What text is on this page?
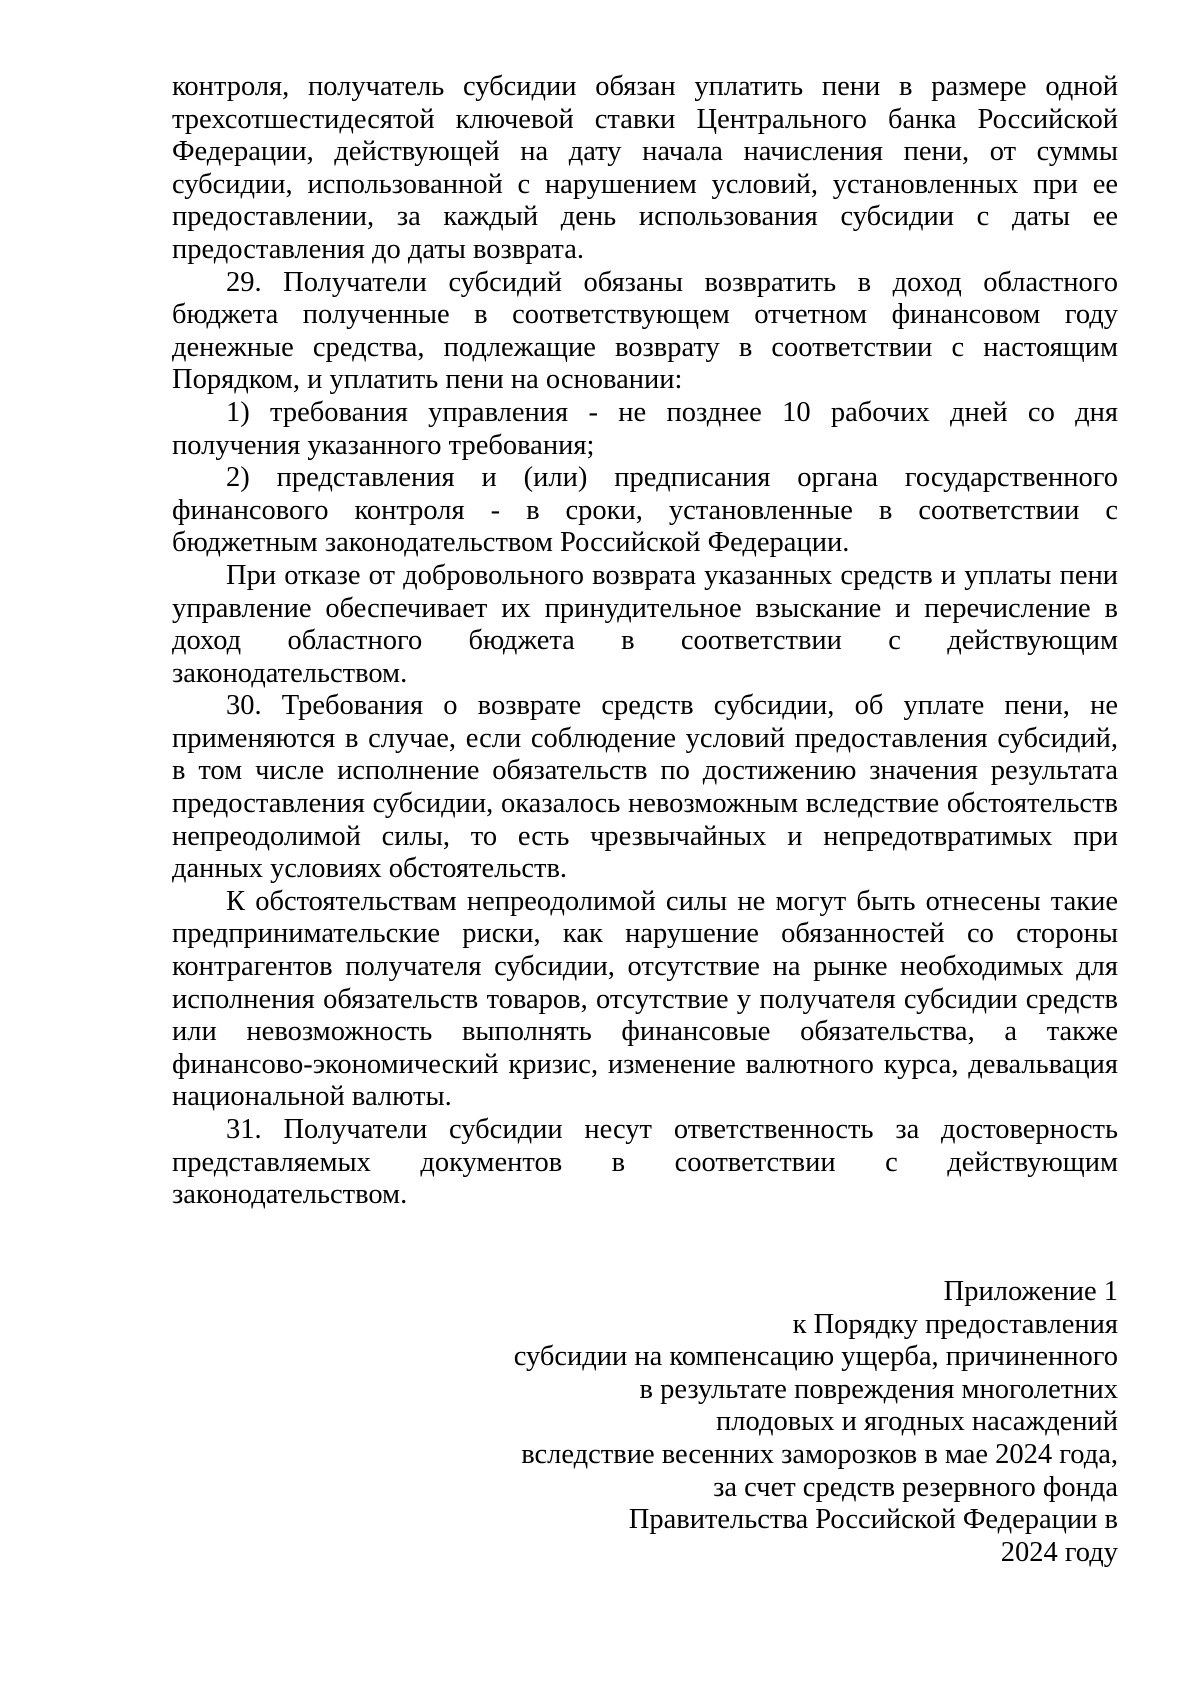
контроля, получатель субсидии обязан уплатить пени в размере одной трехсотшестидесятой ключевой ставки Центрального банка Российской Федерации, действующей на дату начала начисления пени, от суммы субсидии, использованной с нарушением условий, установленных при ее предоставлении, за каждый день использования субсидии с даты ее предоставления до даты возврата.

29. Получатели субсидий обязаны возвратить в доход областного бюджета полученные в соответствующем отчетном финансовом году денежные средства, подлежащие возврату в соответствии с настоящим Порядком, и уплатить пени на основании:

1) требования управления - не позднее 10 рабочих дней со дня получения указанного требования;

2) представления и (или) предписания органа государственного финансового контроля - в сроки, установленные в соответствии с бюджетным законодательством Российской Федерации.

При отказе от добровольного возврата указанных средств и уплаты пени управление обеспечивает их принудительное взыскание и перечисление в доход областного бюджета в соответствии с действующим законодательством.

30. Требования о возврате средств субсидии, об уплате пени, не применяются в случае, если соблюдение условий предоставления субсидий, в том числе исполнение обязательств по достижению значения результата предоставления субсидии, оказалось невозможным вследствие обстоятельств непреодолимой силы, то есть чрезвычайных и непредотвратимых при данных условиях обстоятельств.

К обстоятельствам непреодолимой силы не могут быть отнесены такие предпринимательские риски, как нарушение обязанностей со стороны контрагентов получателя субсидии, отсутствие на рынке необходимых для исполнения обязательств товаров, отсутствие у получателя субсидии средств или невозможность выполнять финансовые обязательства, а также финансово-экономический кризис, изменение валютного курса, девальвация национальной валюты.

31. Получатели субсидии несут ответственность за достоверность представляемых документов в соответствии с действующим законодательством.

Приложение 1
к Порядку предоставления
субсидии на компенсацию ущерба, причиненного
в результате повреждения многолетних
плодовых и ягодных насаждений
вследствие весенних заморозков в мае 2024 года,
за счет средств резервного фонда
Правительства Российской Федерации в
2024 году
